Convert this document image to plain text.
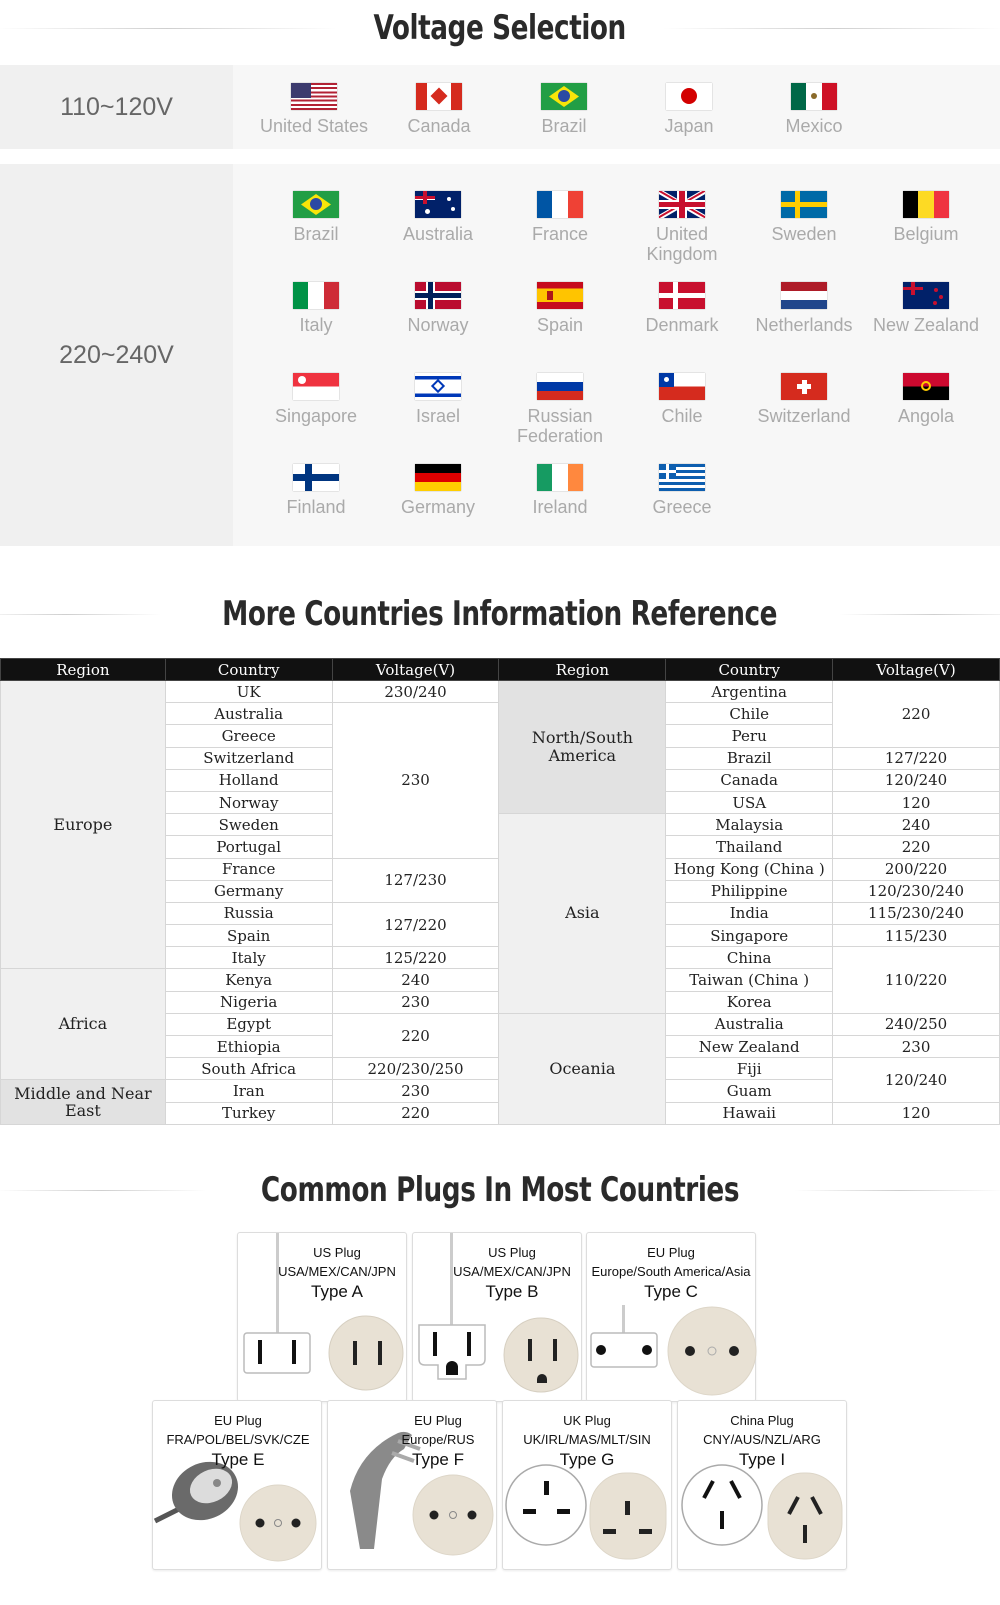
Voltage Selection
110~120V
United States	Canada	Brazil	Japan	Mexico
220~240V
Brazil	Australia	France	United Kingdom
Sweden	Belgium
Italy	Norway	Spain	Denmark	Netherlands	New Zealand
Singapore	Israel	Russian Federation
Chile	Switzerland	Angola
Finland	Germany	Ireland	Greece
More Countries Information Reference
Region	Country	Voltage(V)	Region	Country	Voltage(V)
Europe	UK	230/240	North/South America	Argentina	220
	Australia	230		Chile	
	Greece			Peru	
	Switzerland			Brazil	127/220
	Holland			Canada	120/240
	Norway			USA	120
	Sweden		Asia	Malaysia	240
	Portugal			Thailand	220
	France	127/230		Hong Kong (China )	200/220
	Germany			Philippine	120/230/240
	Russia	127/220		India	115/230/240
	Spain			Singapore	115/230
	Italy	125/220		China	110/220
Africa	Kenya	240		Taiwan (China )	
	Nigeria	230		Korea	
	Egypt	220	Oceania	Australia	240/250
	Ethiopia			New Zealand	230
	South Africa	220/230/250		Fiji	120/240
Middle and Near East	Iran	230		Guam	
	Turkey	220		Hawaii	120
Common Plugs In Most Countries
US Plug
USA/MEX/CAN/JPN
Type A
US Plug
USA/MEX/CAN/JPN
Type B
EU Plug
Europe/South America/Asia
Type C
EU Plug
FRA/POL/BEL/SVK/CZE
Type E
EU Plug
Europe/RUS
Type F
UK Plug
UK/IRL/MAS/MLT/SIN
Type G
China Plug
CNY/AUS/NZL/ARG
Type I
